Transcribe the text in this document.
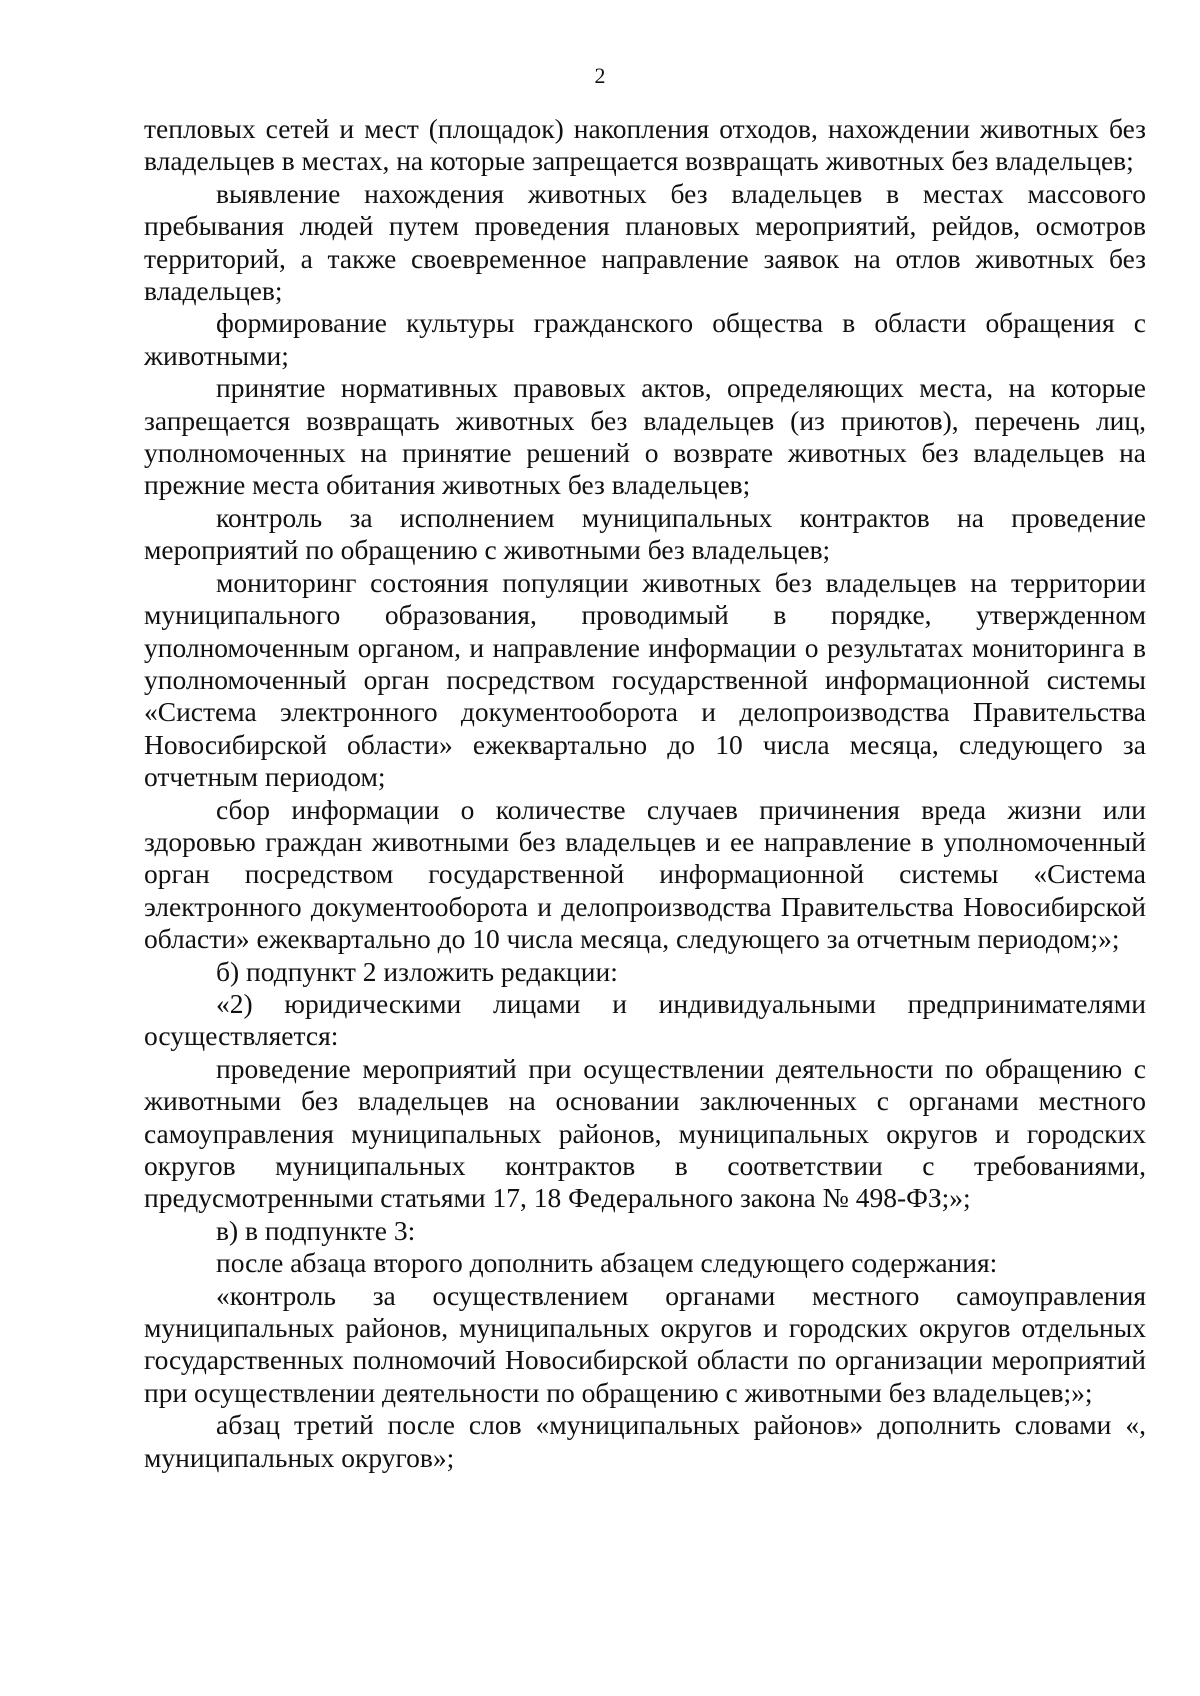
2

тепловых сетей и мест (площадок) накопления отходов, нахождении животных без владельцев в местах, на которые запрещается возвращать животных без владельцев;

выявление нахождения животных без владельцев в местах массового пребывания людей путем проведения плановых мероприятий, рейдов, осмотров территорий, а также своевременное направление заявок на отлов животных без владельцев;

формирование культуры гражданского общества в области обращения с животными;

принятие нормативных правовых актов, определяющих места, на которые запрещается возвращать животных без владельцев (из приютов), перечень лиц, уполномоченных на принятие решений о возврате животных без владельцев на прежние места обитания животных без владельцев;

контроль за исполнением муниципальных контрактов на проведение мероприятий по обращению с животными без владельцев;

мониторинг состояния популяции животных без владельцев на территории муниципального образования, проводимый в порядке, утвержденном уполномоченным органом, и направление информации о результатах мониторинга в уполномоченный орган посредством государственной информационной системы «Система электронного документооборота и делопроизводства Правительства Новосибирской области» ежеквартально до 10 числа месяца, следующего за отчетным периодом;

сбор информации о количестве случаев причинения вреда жизни или здоровью граждан животными без владельцев и ее направление в уполномоченный орган посредством государственной информационной системы «Система электронного документооборота и делопроизводства Правительства Новосибирской области» ежеквартально до 10 числа месяца, следующего за отчетным периодом;»;

б) подпункт 2 изложить редакции:

«2) юридическими лицами и индивидуальными предпринимателями осуществляется:

проведение мероприятий при осуществлении деятельности по обращению с животными без владельцев на основании заключенных с органами местного самоуправления муниципальных районов, муниципальных округов и городских округов муниципальных контрактов в соответствии с требованиями, предусмотренными статьями 17, 18 Федерального закона № 498-ФЗ;»;

в) в подпункте 3:

после абзаца второго дополнить абзацем следующего содержания:

«контроль за осуществлением органами местного самоуправления муниципальных районов, муниципальных округов и городских округов отдельных государственных полномочий Новосибирской области по организации мероприятий при осуществлении деятельности по обращению с животными без владельцев;»;

абзац третий после слов «муниципальных районов» дополнить словами «, муниципальных округов»;
